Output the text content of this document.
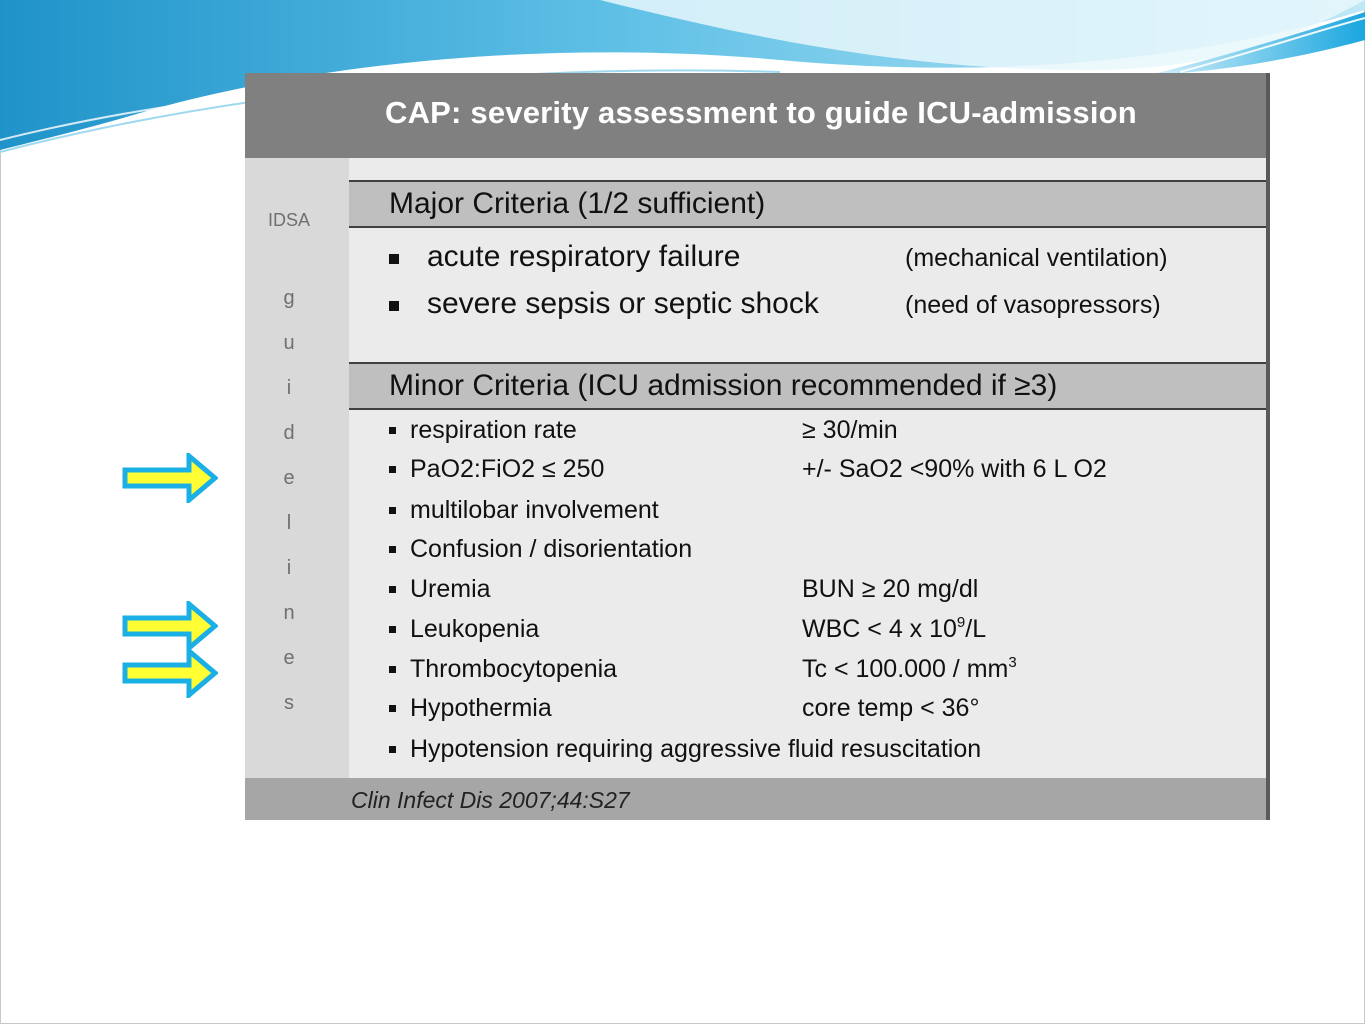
CAP: severity assessment to guide ICU-admission
IDSA
g
u
i
d
e
l
i
n
e
s
Major Criteria (1/2 sufficient)
acute respiratory failure	(mechanical ventilation)
severe sepsis or septic shock	(need of vasopressors)
Minor Criteria (ICU admission recommended if ≥3)
respiration rate	≥ 30/min
PaO2:FiO2 ≤ 250	+/- SaO2 <90% with 6 L O2
multilobar involvement
Confusion / disorientation
Uremia	BUN ≥ 20 mg/dl
Leukopenia	WBC < 4 x $10^9/L$
Thrombocytopenia	$Tc < 100.000 / mm^3$
Hypothermia	core temp < 36°
Hypotension requiring aggressive fluid resuscitation
Clin Infect Dis 2007;44:S27
